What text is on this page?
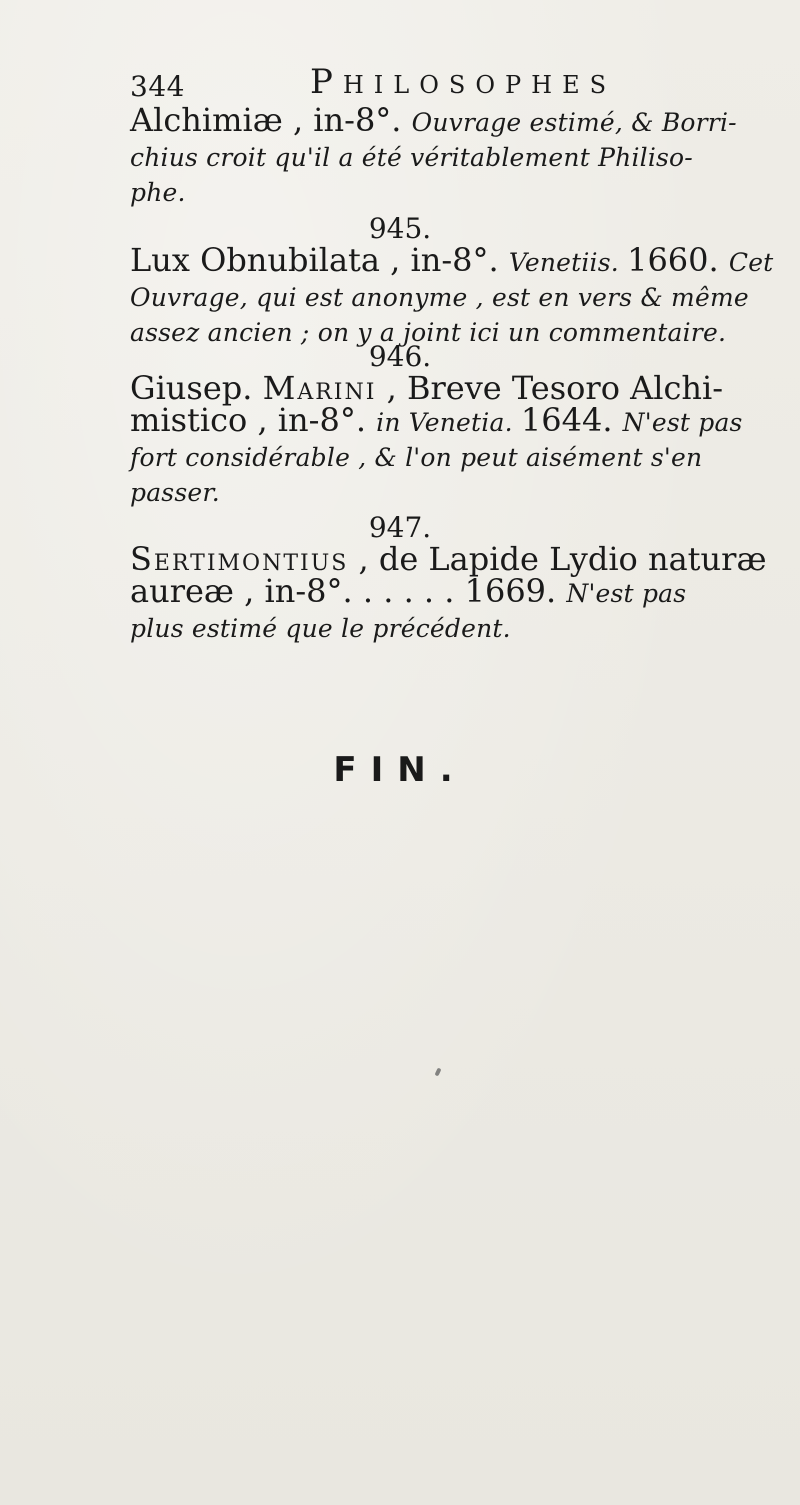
344	Philosophes
Alchimiæ , in-8°. Ouvrage estimé, & Borri-
chius croit qu'il a été véritablement Philiso-
phe.
945.
Lux Obnubilata , in-8°. Venetiis. 1660. Cet
Ouvrage, qui est anonyme , est en vers & même
assez ancien ; on y a joint ici un commentaire.
946.
Giusep. Marini , Breve Tesoro Alchi-
mistico , in-8°. in Venetia. 1644. N'est pas
fort considérable , & l'on peut aisément s'en
passer.
947.
Sertimontius , de Lapide Lydio naturæ
aureæ , in-8°. . . . . . 1669. N'est pas
plus estimé que le précédent.
FIN.
